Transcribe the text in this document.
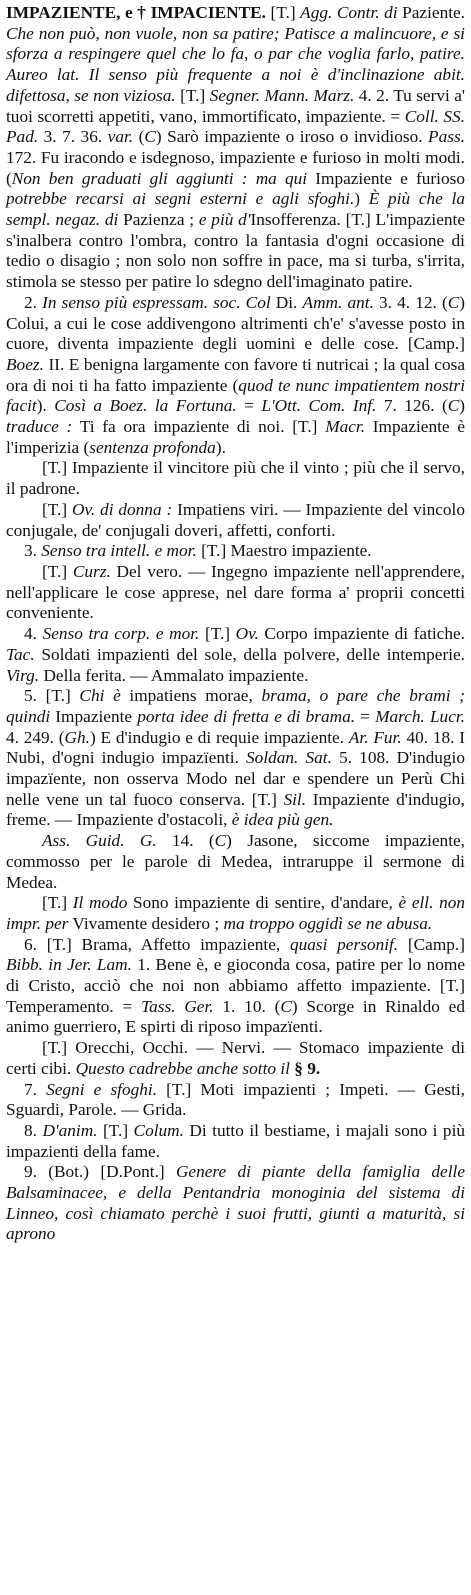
IMPAZIENTE, e † IMPACIENTE. [T.] Agg. Contr. di Paziente. Che non può, non vuole, non sa patire; Patisce a malincuore, e si sforza a respingere quel che lo fa, o par che voglia farlo, patire. Aureo lat. Il senso più frequente a noi è d'inclinazione abit. difettosa, se non viziosa. [T.] Segner. Mann. Marz. 4. 2. Tu servi a' tuoi scorretti appetiti, vano, immortificato, impaziente. = Coll. SS. Pad. 3. 7. 36. var. (C) Sarò impaziente o iroso o invidioso. Pass. 172. Fu iracondo e isdegnoso, impaziente e furioso in molti modi. (Non ben graduati gli aggiunti : ma qui Impaziente e furioso potrebbe recarsi ai segni esterni e agli sfoghi.) È più che la sempl. negaz. di Pazienza ; e più d'Insofferenza. [T.] L'impaziente s'inalbera contro l'ombra, contro la fantasia d'ogni occasione di tedio o disagio ; non solo non soffre in pace, ma si turba, s'irrita, stimola se stesso per patire lo sdegno dell'imaginato patire.

2. In senso più espressam. soc. Col Di. Amm. ant. 3. 4. 12. (C) Colui, a cui le cose addivengono altrimenti ch'e' s'avesse posto in cuore, diventa impaziente degli uomini e delle cose. [Camp.] Boez. II. E benigna largamente con favore ti nutricai ; la qual cosa ora di noi ti ha fatto impaziente (quod te nunc impatientem nostri facit). Così a Boez. la Fortuna. = L'Ott. Com. Inf. 7. 126. (C) traduce : Ti fa ora impaziente di noi. [T.] Macr. Impaziente è l'imperizia (sentenza profonda).

[T.] Impaziente il vincitore più che il vinto ; più che il servo, il padrone.

[T.] Ov. di donna : Impatiens viri. — Impaziente del vincolo conjugale, de' conjugali doveri, affetti, conforti.

3. Senso tra intell. e mor. [T.] Maestro impaziente.

[T.] Curz. Del vero. — Ingegno impaziente nell'apprendere, nell'applicare le cose apprese, nel dare forma a' proprii concetti conveniente.

4. Senso tra corp. e mor. [T.] Ov. Corpo impaziente di fatiche. Tac. Soldati impazienti del sole, della polvere, delle intemperie. Virg. Della ferita. — Ammalato impaziente.

5. [T.] Chi è impatiens morae, brama, o pare che brami ; quindi Impaziente porta idee di fretta e di brama. = March. Lucr. 4. 249. (Gh.) E d'indugio e di requie impaziente. Ar. Fur. 40. 18. I Nubi, d'ogni indugio impazïenti. Soldan. Sat. 5. 108. D'indugio impazïente, non osserva Modo nel dar e spendere un Perù Chi nelle vene un tal fuoco conserva. [T.] Sil. Impaziente d'indugio, freme. — Impaziente d'ostacoli, è idea più gen.

Ass. Guid. G. 14. (C) Jasone, siccome impaziente, commosso per le parole di Medea, intraruppe il sermone di Medea.

[T.] Il modo Sono impaziente di sentire, d'andare, è ell. non impr. per Vivamente desidero ; ma troppo oggidì se ne abusa.

6. [T.] Brama, Affetto impaziente, quasi personif. [Camp.] Bibb. in Jer. Lam. 1. Bene è, e gioconda cosa, patire per lo nome di Cristo, acciò che noi non abbiamo affetto impaziente. [T.] Temperamento. = Tass. Ger. 1. 10. (C) Scorge in Rinaldo ed animo guerriero, E spirti di riposo impazïenti.

[T.] Orecchi, Occhi. — Nervi. — Stomaco impaziente di certi cibi. Questo cadrebbe anche sotto il § 9.

7. Segni e sfoghi. [T.] Moti impazienti ; Impeti. — Gesti, Sguardi, Parole. — Grida.

8. D'anim. [T.] Colum. Di tutto il bestiame, i majali sono i più impazienti della fame.

9. (Bot.) [D.Pont.] Genere di piante della famiglia delle Balsaminacee, e della Pentandria monoginia del sistema di Linneo, così chiamato perchè i suoi frutti, giunti a maturità, si aprono
